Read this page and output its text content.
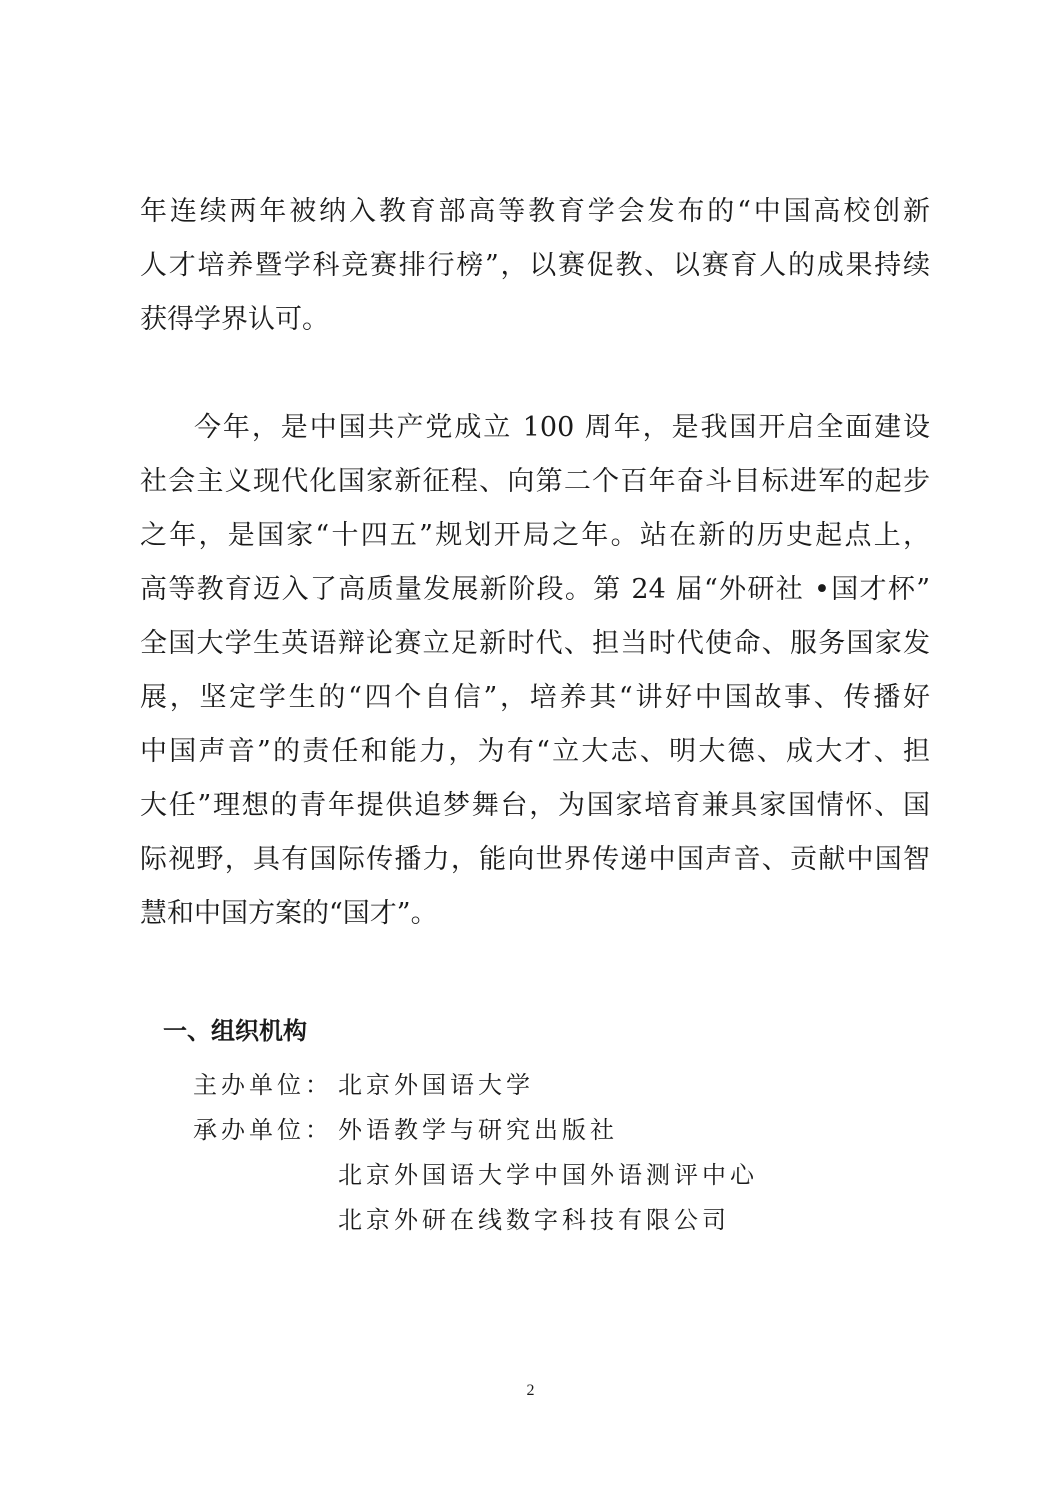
年连续两年被纳入教育部高等教育学会发布的“中国高校创新
人才培养暨学科竞赛排行榜”，以赛促教、以赛育人的成果持续
获得学界认可。
今年，是中国共产党成立 100 周年，是我国开启全面建设
社会主义现代化国家新征程、向第二个百年奋斗目标进军的起步
之年，是国家“十四五”规划开局之年。站在新的历史起点上，
高等教育迈入了高质量发展新阶段。第 24 届“外研社 •国才杯”
全国大学生英语辩论赛立足新时代、担当时代使命、服务国家发
展，坚定学生的“四个自信”，培养其“讲好中国故事、传播好
中国声音”的责任和能力，为有“立大志、明大德、成大才、担
大任”理想的青年提供追梦舞台，为国家培育兼具家国情怀、国
际视野，具有国际传播力，能向世界传递中国声音、贡献中国智
慧和中国方案的“国才”。
一、组织机构
主办单位： 北京外国语大学
承办单位： 外语教学与研究出版社
北京外国语大学中国外语测评中心
北京外研在线数字科技有限公司
2
